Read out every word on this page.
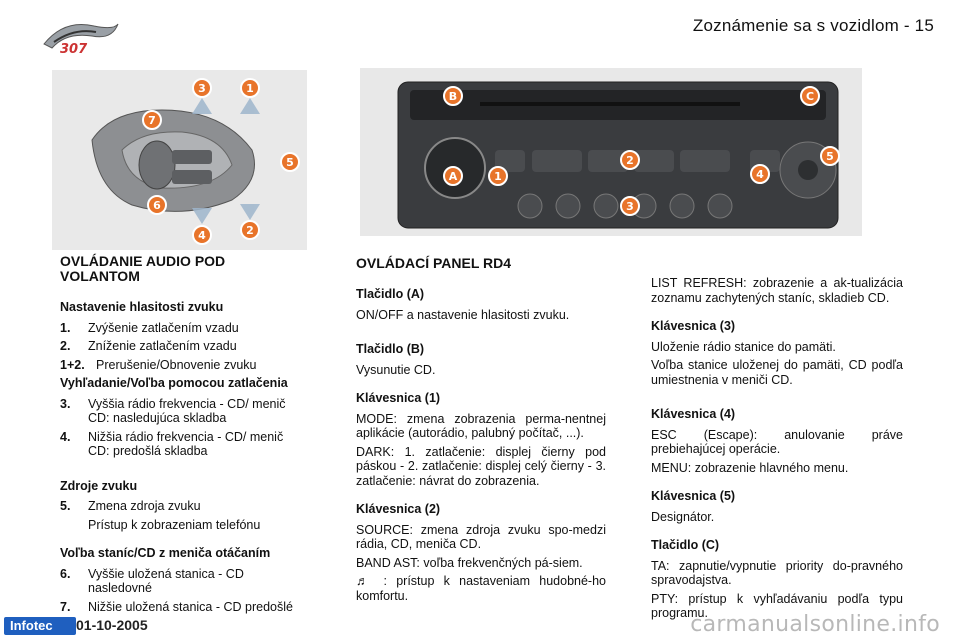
307
Zoznámenie sa s vozidlom - 15
3	1
7
5
6
4	2
B	C
A	1
2
3
4
5
OVLÁDANIE AUDIO POD VOLANTOM
Nastavenie hlasitosti zvuku
1.	Zvýšenie zatlačením vzadu
2.	Zníženie zatlačením vzadu
1+2. Prerušenie/Obnovenie zvuku
Vyhľadanie/Voľba pomocou zatlačenia
3.	Vyššia rádio frekvencia - CD/ menič CD: nasledujúca skladba
4.	Nižšia rádio frekvencia - CD/ menič CD: predošlá skladba
Zdroje zvuku
5.	Zmena zdroja zvuku
Prístup k zobrazeniam telefónu
Voľba staníc/CD z meniča otáčaním
6.	Vyššie uložená stanica - CD nasledovné
7.	Nižšie uložená stanica - CD predošlé
OVLÁDACÍ PANEL RD4
Tlačidlo (A)
ON/OFF a nastavenie hlasitosti zvuku.
Tlačidlo (B)
Vysunutie CD.
Klávesnica (1)
MODE: zmena zobrazenia perma-nentnej aplikácie (autorádio, palubný počítač, ...).
DARK: 1. zatlačenie: displej čierny pod páskou - 2. zatlačenie: displej celý čierny - 3. zatlačenie: návrat do zobrazenia.
Klávesnica (2)
SOURCE: zmena zdroja zvuku spo-medzi rádia, CD, meniča CD.
BAND AST: voľba frekvenčných pá-siem.
♬ : prístup k nastaveniam hudobné-ho komfortu.
LIST REFRESH: zobrazenie a ak-tualizácia zoznamu zachytených staníc, skladieb CD.
Klávesnica (3)
Uloženie rádio stanice do pamäti.
Voľba stanice uloženej do pamäti, CD podľa umiestnenia v meniči CD.
Klávesnica (4)
ESC (Escape): anulovanie práve prebiehajúcej operácie.
MENU: zobrazenie hlavného menu.
Klávesnica (5)
Designátor.
Tlačidlo (C)
TA: zapnutie/vypnutie priority do-pravného spravodajstva.
PTY: prístup k vyhľadávaniu podľa typu programu.
Infotec	01-10-2005	carmanualsonline.info
